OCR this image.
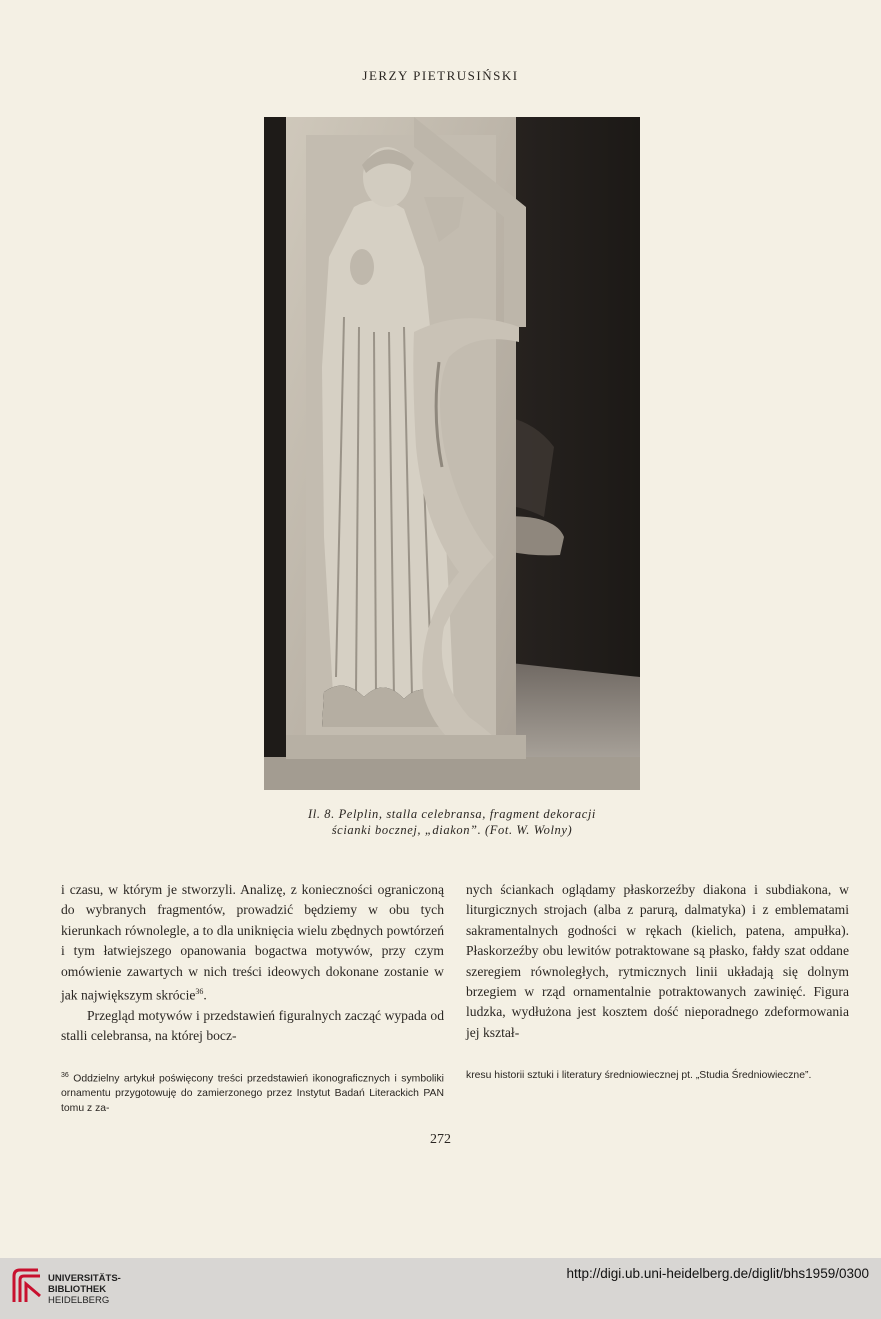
JERZY PIETRUSIŃSKI
Il. 8. Pelplin, stalla celebransa, fragment dekoracji
ścianki bocznej, „diakon”. (Fot. W. Wolny)

i czasu, w którym je stworzyli. Analizę, z konieczności ograniczoną do wybranych fragmentów, prowadzić będziemy w obu tych kierunkach równolegle, a to dla uniknięcia wielu zbędnych powtórzeń i tym łatwiejszego opanowania bogactwa motywów, przy czym omówienie zawartych w nich treści ideowych dokonane zostanie w jak największym skrócie$^{36}$.

Przegląd motywów i przedstawień figuralnych zacząć wypada od stalli celebransa, na której bocz-

nych ściankach oglądamy płaskorzeźby diakona i subdiakona, w liturgicznych strojach (alba z parurą, dalmatyka) i z emblematami sakramentalnych godności w rękach (kielich, patena, ampułka). Płaskorzeźby obu lewitów potraktowane są płasko, fałdy szat oddane szeregiem równoległych, rytmicznych linii układają się dolnym brzegiem w rząd ornamentalnie potraktowanych zawinięć. Figura ludzka, wydłużona jest kosztem dość nieporadnego zdeformowania jej kształ-

$^{36}$ Oddzielny artykuł poświęcony treści przedstawień ikonograficznych i symboliki ornamentu przygotowuję do zamierzonego przez Instytut Badań Literackich PAN tomu z za-
kresu historii sztuki i literatury średniowiecznej pt. „Studia Średniowieczne”.
272
UNIVERSITÄTS-
BIBLIOTHEK
HEIDELBERG
http://digi.ub.uni-heidelberg.de/diglit/bhs1959/0300
